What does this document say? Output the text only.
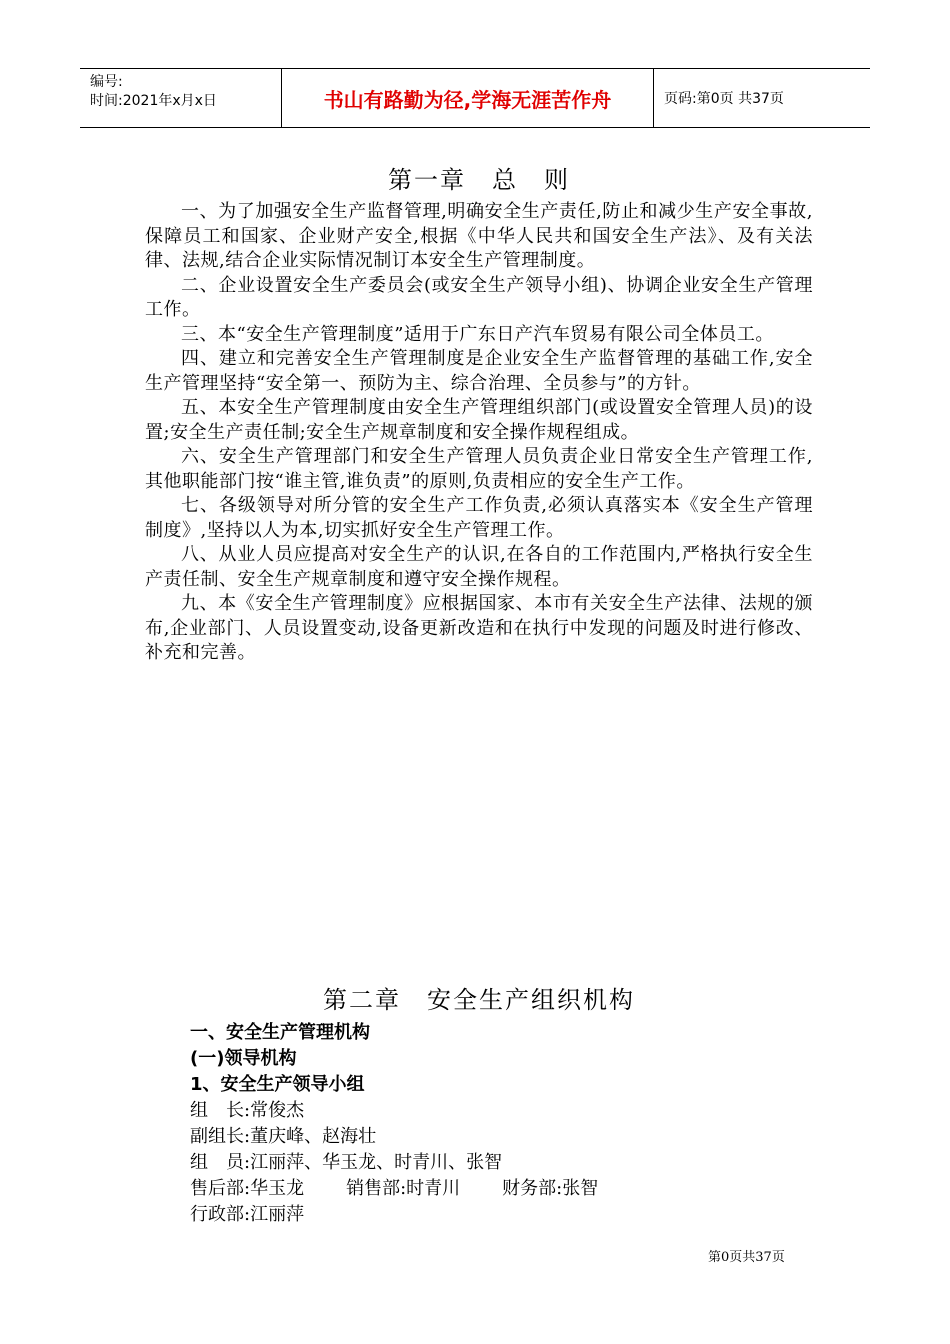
编号:
时间:2021年x月x日	书山有路勤为径,学海无涯苦作舟	页码:第0页 共37页
第一章　总　则

一、为了加强安全生产监督管理,明确安全生产责任,防止和减少生产安全事故,保障员工和国家、企业财产安全,根据《中华人民共和国安全生产法》、及有关法律、法规,结合企业实际情况制订本安全生产管理制度。

二、企业设置安全生产委员会(或安全生产领导小组)、协调企业安全生产管理工作。

三、本“安全生产管理制度”适用于广东日产汽车贸易有限公司全体员工。

四、建立和完善安全生产管理制度是企业安全生产监督管理的基础工作,安全生产管理坚持“安全第一、预防为主、综合治理、全员参与”的方针。

五、本安全生产管理制度由安全生产管理组织部门(或设置安全管理人员)的设置;安全生产责任制;安全生产规章制度和安全操作规程组成。

六、安全生产管理部门和安全生产管理人员负责企业日常安全生产管理工作,其他职能部门按“谁主管,谁负责”的原则,负责相应的安全生产工作。

七、各级领导对所分管的安全生产工作负责,必须认真落实本《安全生产管理制度》,坚持以人为本,切实抓好安全生产管理工作。

八、从业人员应提高对安全生产的认识,在各自的工作范围内,严格执行安全生产责任制、安全生产规章制度和遵守安全操作规程。

九、本《安全生产管理制度》应根据国家、本市有关安全生产法律、法规的颁布,企业部门、人员设置变动,设备更新改造和在执行中发现的问题及时进行修改、补充和完善。

第二章　安全生产组织机构

一、安全生产管理机构

(一)领导机构

1、安全生产领导小组

组　长:常俊杰
副组长:董庆峰、赵海壮
组　员:江丽萍、华玉龙、时青川、张智
售后部:华玉龙 销售部:时青川 财务部:张智
行政部:江丽萍
第0页共37页
